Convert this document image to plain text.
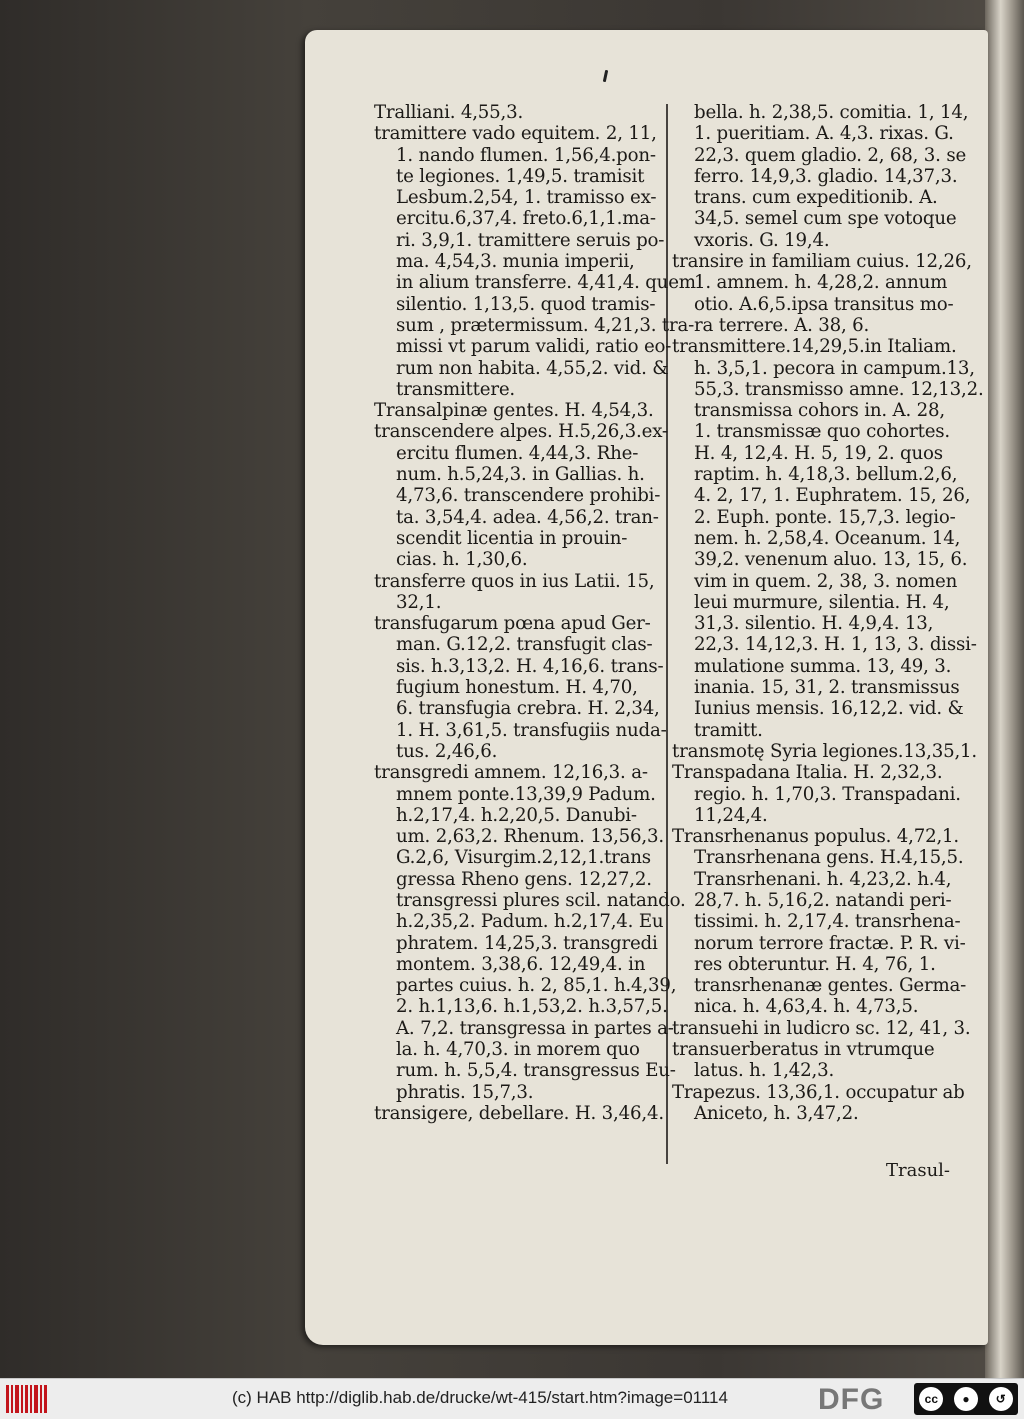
Tralliani. 4,55,3.
tramittere vado equitem. 2, 11,
1. nando flumen. 1,56,4.pon-
te legiones. 1,49,5. tramisit
Lesbum.2,54, 1. tramisso ex-
ercitu.6,37,4. freto.6,1,1.ma-
ri. 3,9,1. tramittere seruis po-
ma. 4,54,3. munia imperii,
in alium transferre. 4,41,4. quem
silentio. 1,13,5. quod tramis-
sum , prætermissum. 4,21,3. tra-
missi vt parum validi, ratio eo-
rum non habita. 4,55,2. vid. &
transmittere.
Transalpinæ gentes. H. 4,54,3.
transcendere alpes. H.5,26,3.ex-
ercitu flumen. 4,44,3. Rhe-
num. h.5,24,3. in Gallias. h.
4,73,6. transcendere prohibi-
ta. 3,54,4. adea. 4,56,2. tran-
scendit licentia in prouin-
cias. h. 1,30,6.
transferre quos in ius Latii. 15,
32,1.
transfugarum pœna apud Ger-
man. G.12,2. transfugit clas-
sis. h.3,13,2. H. 4,16,6. trans-
fugium honestum. H. 4,70,
6. transfugia crebra. H. 2,34,
1. H. 3,61,5. transfugiis nuda-
tus. 2,46,6.
transgredi amnem. 12,16,3. a-
mnem ponte.13,39,9 Padum.
h.2,17,4. h.2,20,5. Danubi-
um. 2,63,2. Rhenum. 13,56,3.
G.2,6, Visurgim.2,12,1.trans
gressa Rheno gens. 12,27,2.
transgressi plures scil. natando.
h.2,35,2. Padum. h.2,17,4. Eu
phratem. 14,25,3. transgredi
montem. 3,38,6. 12,49,4. in
partes cuius. h. 2, 85,1. h.4,39,
2. h.1,13,6. h.1,53,2. h.3,57,5.
A. 7,2. transgressa in partes a-
la. h. 4,70,3. in morem quo
rum. h. 5,5,4. transgressus Eu-
phratis. 15,7,3.
transigere, debellare. H. 3,46,4.
bella. h. 2,38,5. comitia. 1, 14,
1. pueritiam. A. 4,3. rixas. G.
22,3. quem gladio. 2, 68, 3. se
ferro. 14,9,3. gladio. 14,37,3.
trans. cum expeditionib. A.
34,5. semel cum spe votoque
vxoris. G. 19,4.
transire in familiam cuius. 12,26,
1. amnem. h. 4,28,2. annum
otio. A.6,5.ipsa transitus mo-
ra terrere. A. 38, 6.
transmittere.14,29,5.in Italiam.
h. 3,5,1. pecora in campum.13,
55,3. transmisso amne. 12,13,2.
transmissa cohors in. A. 28,
1. transmissæ quo cohortes.
H. 4, 12,4. H. 5, 19, 2. quos
raptim. h. 4,18,3. bellum.2,6,
4. 2, 17, 1. Euphratem. 15, 26,
2. Euph. ponte. 15,7,3. legio-
nem. h. 2,58,4. Oceanum. 14,
39,2. venenum aluo. 13, 15, 6.
vim in quem. 2, 38, 3. nomen
leui murmure, silentia. H. 4,
31,3. silentio. H. 4,9,4. 13,
22,3. 14,12,3. H. 1, 13, 3. dissi-
mulatione summa. 13, 49, 3.
inania. 15, 31, 2. transmissus
Iunius mensis. 16,12,2. vid. &
tramitt.
transmotę Syria legiones.13,35,1.
Transpadana Italia. H. 2,32,3.
regio. h. 1,70,3. Transpadani.
11,24,4.
Transrhenanus populus. 4,72,1.
Transrhenana gens. H.4,15,5.
Transrhenani. h. 4,23,2. h.4,
28,7. h. 5,16,2. natandi peri-
tissimi. h. 2,17,4. transrhena-
norum terrore fractæ. P. R. vi-
res obteruntur. H. 4, 76, 1.
transrhenanæ gentes. Germa-
nica. h. 4,63,4. h. 4,73,5.
transuehi in ludicro sc. 12, 41, 3.
transuerberatus in vtrumque
latus. h. 1,42,3.
Trapezus. 13,36,1. occupatur ab
Aniceto, h. 3,47,2.
Trasul-
(c) HAB http://diglib.hab.de/drucke/wt-415/start.htm?image=01114	DFG	cc	●	↺
